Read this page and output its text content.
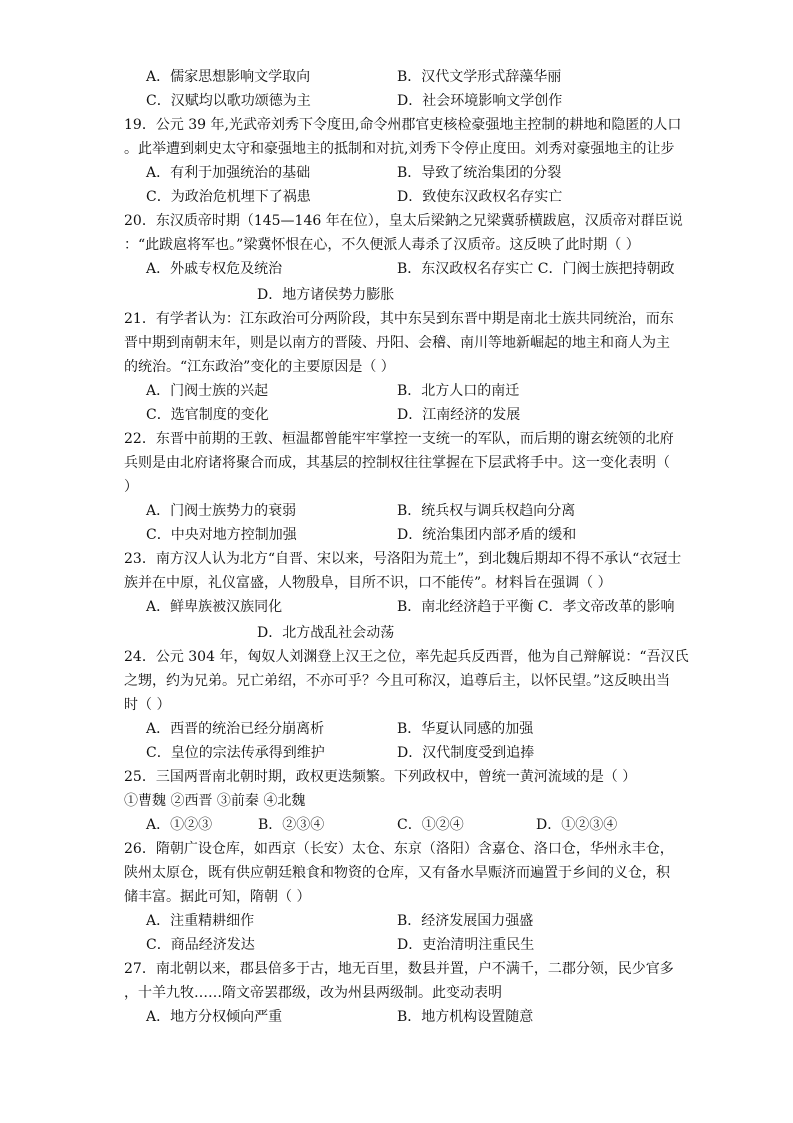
A．儒家思想影响文学取向	B．汉代文学形式辞藻华丽
C．汉赋均以歌功颂德为主	D．社会环境影响文学创作
19．公元 39 年,光武帝刘秀下令度田,命令州郡官吏核检豪强地主控制的耕地和隐匿的人口
。此举遭到刺史太守和豪强地主的抵制和对抗,刘秀下令停止度田。刘秀对豪强地主的让步
A．有利于加强统治的基础	B．导致了统治集团的分裂
C．为政治危机埋下了祸患	D．致使东汉政权名存实亡
20．东汉质帝时期（145—146 年在位），皇太后梁鈉之兄梁冀骄横跋扈，汉质帝对群臣说
：“此跋扈将军也。”梁冀怀恨在心，不久便派人毒杀了汉质帝。这反映了此时期（ ）
A．外戚专权危及统治	B．东汉政权名存实亡 C．门阀士族把持朝政
D．地方诸侯势力膨胀
21．有学者认为：江东政治可分两阶段，其中东吴到东晋中期是南北士族共同统治，而东
晋中期到南朝末年，则是以南方的晋陵、丹阳、会稽、南川等地新崛起的地主和商人为主
的统治。“江东政治”变化的主要原因是（ ）
A．门阀士族的兴起	B．北方人口的南迁
C．选官制度的变化	D．江南经济的发展
22．东晋中前期的王敦、桓温都曾能牢牢掌控一支统一的军队，而后期的谢玄统领的北府
兵则是由北府诸将聚合而成，其基层的控制权往往掌握在下层武将手中。这一变化表明（
）
A．门阀士族势力的衰弱	B．统兵权与调兵权趋向分离
C．中央对地方控制加强	D．统治集团内部矛盾的缓和
23．南方汉人认为北方“自晋、宋以来，号洛阳为荒土”，到北魏后期却不得不承认“衣冠士
族并在中原，礼仪富盛，人物殷阜，目所不识，口不能传”。材料旨在强调（ ）
A．鲜卑族被汉族同化	B．南北经济趋于平衡 C．孝文帝改革的影响
D．北方战乱社会动荡
24．公元 304 年，匈奴人刘渊登上汉王之位，率先起兵反西晋，他为自己辩解说：“吾汉氏
之甥，约为兄弟。兄亡弟绍，不亦可乎？今且可称汉，追尊后主，以怀民望。”这反映出当
时（ ）
A．西晋的统治已经分崩离析	B．华夏认同感的加强
C．皇位的宗法传承得到维护	D．汉代制度受到追捧
25．三国两晋南北朝时期，政权更迭频繁。下列政权中，曾统一黄河流域的是（ ）
①曹魏 ②西晋 ③前秦 ④北魏
A．①②③	B．②③④	C．①②④	D．①②③④
26．隋朝广设仓库，如西京（长安）太仓、东京（洛阳）含嘉仓、洛口仓，华州永丰仓，
陕州太原仓，既有供应朝廷粮食和物资的仓库，又有备水旱赈济而遍置于乡间的义仓，积
储丰富。据此可知，隋朝（ ）
A．注重精耕细作	B．经济发展国力强盛
C．商品经济发达	D．吏治清明注重民生
27．南北朝以来，郡县倍多于古，地无百里，数县并置，户不满千，二郡分领，民少官多
，十羊九牧……隋文帝罢郡级，改为州县两级制。此变动表明
A．地方分权倾向严重	B．地方机构设置随意
